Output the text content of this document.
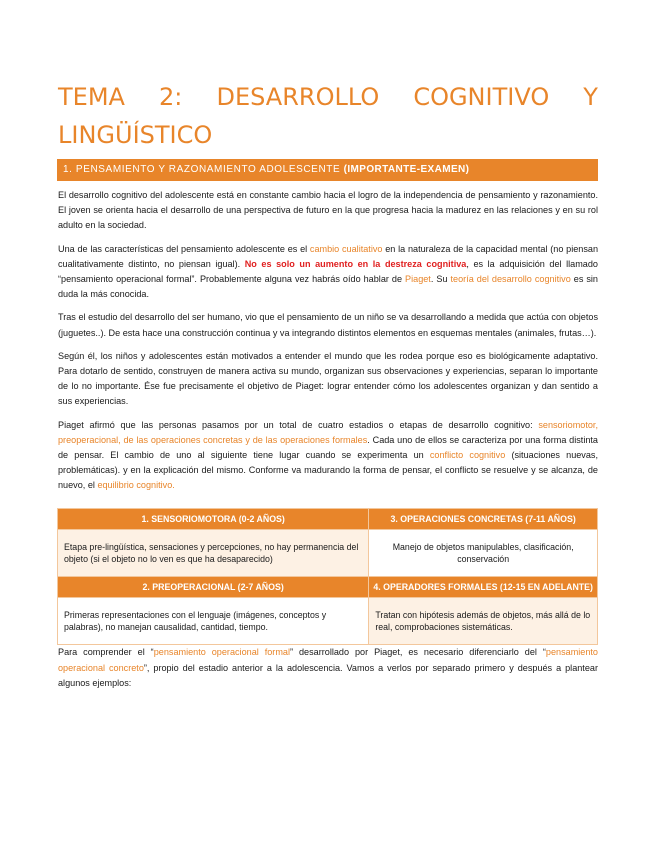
TEMA 2: DESARROLLO COGNITIVO Y
LINGÜÍSTICO
1. PENSAMIENTO Y RAZONAMIENTO ADOLESCENTE (IMPORTANTE-EXAMEN)

El desarrollo cognitivo del adolescente está en constante cambio hacia el logro de la independencia de pensamiento y razonamiento. El joven se orienta hacia el desarrollo de una perspectiva de futuro en la que progresa hacia la madurez en las relaciones y en su rol adulto en la sociedad.

Una de las características del pensamiento adolescente es el cambio cualitativo en la naturaleza de la capacidad mental (no piensan cualitativamente distinto, no piensan igual). No es solo un aumento en la destreza cognitiva, es la adquisición del llamado “pensamiento operacional formal”. Probablemente alguna vez habrás oído hablar de Piaget. Su teoría del desarrollo cognitivo es sin duda la más conocida.

Tras el estudio del desarrollo del ser humano, vio que el pensamiento de un niño se va desarrollando a medida que actúa con objetos (juguetes..). De esta hace una construcción continua y va integrando distintos elementos en esquemas mentales (animales, frutas…).

Según él, los niños y adolescentes están motivados a entender el mundo que les rodea porque eso es biológicamente adaptativo. Para dotarlo de sentido, construyen de manera activa su mundo, organizan sus observaciones y experiencias, separan lo importante de lo no importante. Ése fue precisamente el objetivo de Piaget: lograr entender cómo los adolescentes organizan y dan sentido a sus experiencias.

Piaget afirmó que las personas pasamos por un total de cuatro estadios o etapas de desarrollo cognitivo: sensoriomotor, preoperacional, de las operaciones concretas y de las operaciones formales. Cada uno de ellos se caracteriza por una forma distinta de pensar. El cambio de uno al siguiente tiene lugar cuando se experimenta un conflicto cognitivo (situaciones nuevas, problemáticas). y en la explicación del mismo. Conforme va madurando la forma de pensar, el conflicto se resuelve y se alcanza, de nuevo, el equilibrio cognitivo.

1. SENSORIOMOTORA (0-2 AÑOS)	3. OPERACIONES CONCRETAS (7-11 AÑOS)
Etapa pre-lingüística, sensaciones y percepciones, no hay permanencia del objeto (si el objeto no lo ven es que ha desaparecido)	Manejo de objetos manipulables, clasificación, conservación
2. PREOPERACIONAL (2-7 AÑOS)	4. OPERADORES FORMALES (12-15 EN ADELANTE)
Primeras representaciones con el lenguaje (imágenes, conceptos y palabras), no manejan causalidad, cantidad, tiempo.	Tratan con hipótesis además de objetos, más allá de lo real, comprobaciones sistemáticas.

Para comprender el “pensamiento operacional formal” desarrollado por Piaget, es necesario diferenciarlo del “pensamiento operacional concreto”, propio del estadio anterior a la adolescencia. Vamos a verlos por separado primero y después a plantear algunos ejemplos:
